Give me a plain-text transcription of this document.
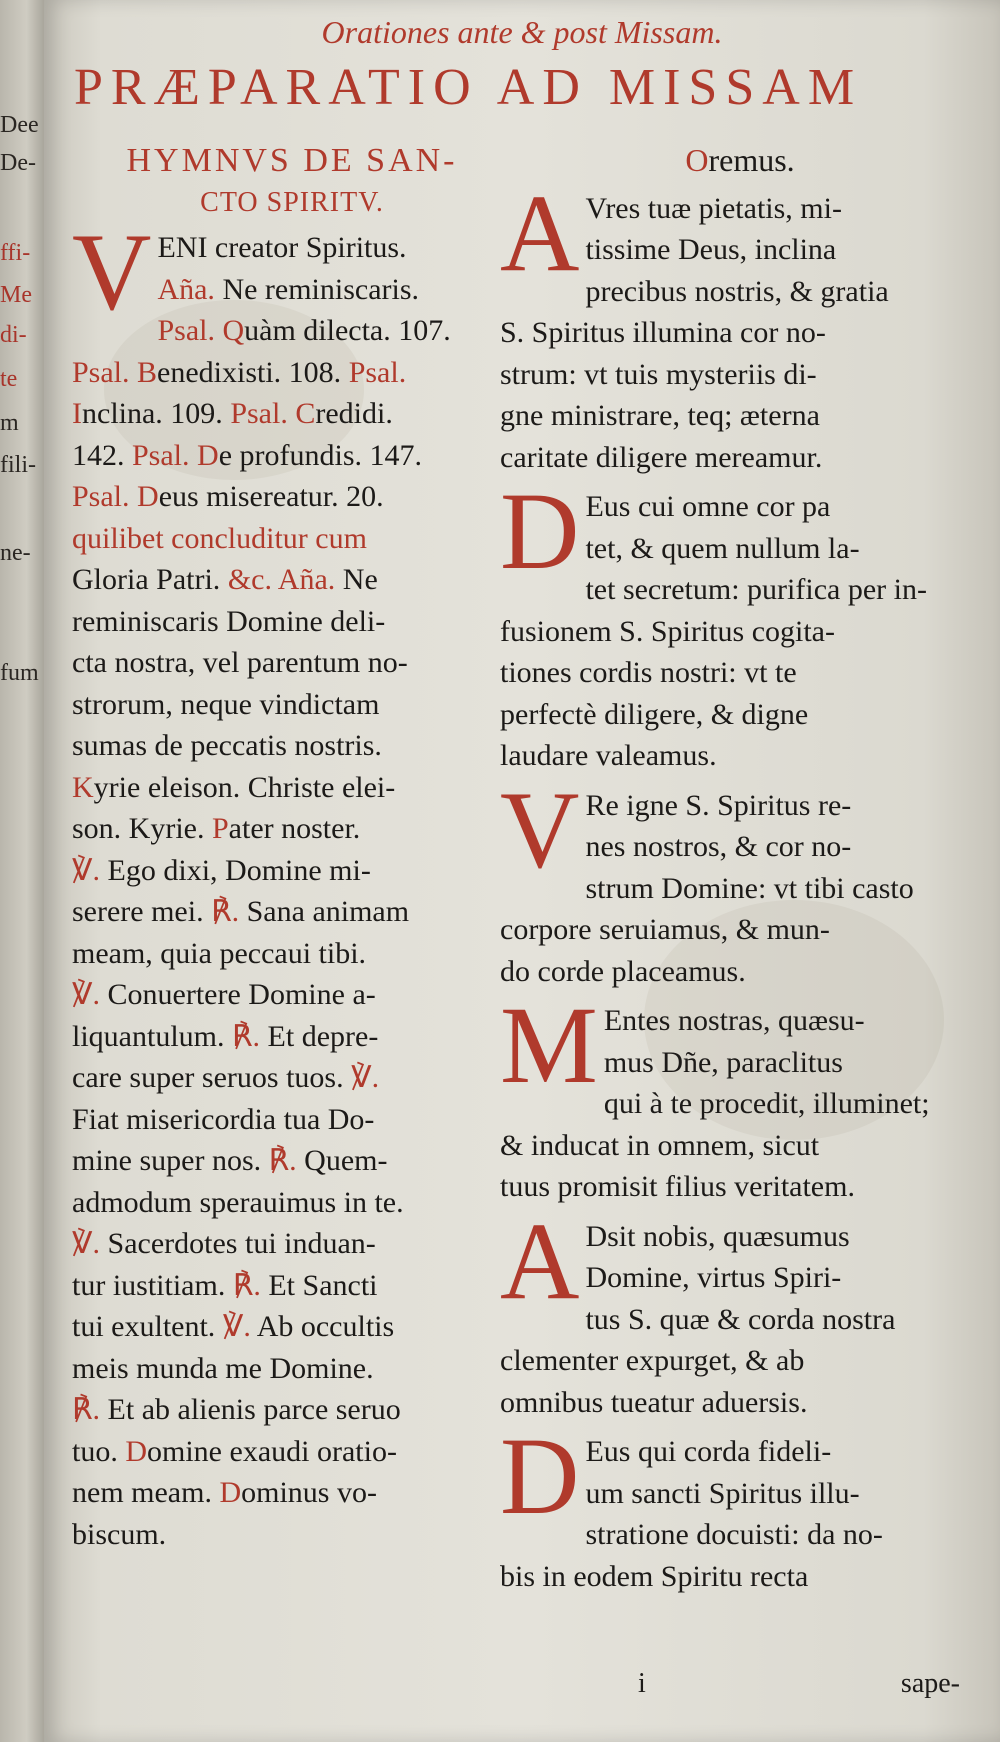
Dee
De-
ffi-
Me
di-
te
m
fili-
ne-
fum
Orationes ante & post Missam.
PRÆPARATIO AD MISSAM
HYMNVS DE SAN-
CTO SPIRITV.
V ENI creator Spiritus.
Aña. Ne reminiscaris.
Psal. Quàm dilecta. 107.
Psal. Benedixisti. 108. Psal.
Inclina. 109. Psal. Credidi.
142. Psal. De profundis. 147.
Psal. Deus misereatur. 20.
quilibet concluditur cum
Gloria Patri. &c. Aña. Ne
reminiscaris Domine deli-
cta nostra, vel parentum no-
strorum, neque vindictam
sumas de peccatis nostris.
Kyrie eleison. Christe elei-
son. Kyrie. Pater noster.
℣. Ego dixi, Domine mi-
serere mei. ℟. Sana animam
meam, quia peccaui tibi.
℣. Conuertere Domine a-
liquantulum. ℟. Et depre-
care super seruos tuos. ℣.
Fiat misericordia tua Do-
mine super nos. ℟. Quem-
admodum sperauimus in te.
℣. Sacerdotes tui induan-
tur iustitiam. ℟. Et Sancti
tui exultent. ℣. Ab occultis
meis munda me Domine.
℟. Et ab alienis parce seruo
tuo. Domine exaudi oratio-
nem meam. Dominus vo-
biscum.
Oremus.
A Vres tuæ pietatis, mi-
tissime Deus, inclina
precibus nostris, & gratia
S. Spiritus illumina cor no-
strum: vt tuis mysteriis di-
gne ministrare, teq; æterna
caritate diligere mereamur.
D Eus cui omne cor pa
tet, & quem nullum la-
tet secretum: purifica per in-
fusionem S. Spiritus cogita-
tiones cordis nostri: vt te
perfectè diligere, & digne
laudare valeamus.
V Re igne S. Spiritus re-
nes nostros, & cor no-
strum Domine: vt tibi casto
corpore seruiamus, & mun-
do corde placeamus.
M Entes nostras, quæsu-
mus Dñe, paraclitus
qui à te procedit, illuminet;
& inducat in omnem, sicut
tuus promisit filius veritatem.
A Dsit nobis, quæsumus
Domine, virtus Spiri-
tus S. quæ & corda nostra
clementer expurget, & ab
omnibus tueatur aduersis.
D Eus qui corda fideli-
um sancti Spiritus illu-
stratione docuisti: da no-
bis in eodem Spiritu recta
i	sape-
